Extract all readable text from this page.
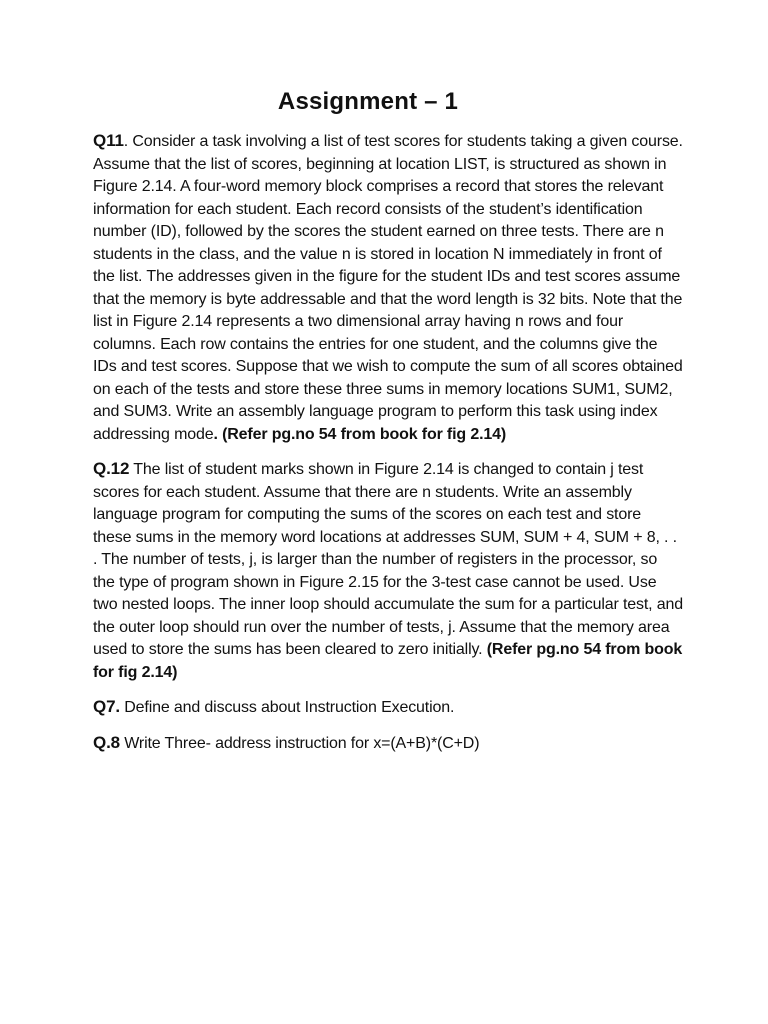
Assignment – 1

Q11. Consider a task involving a list of test scores for students taking a given course. Assume that the list of scores, beginning at location LIST, is structured as shown in Figure 2.14. A four-word memory block comprises a record that stores the relevant information for each student. Each record consists of the student’s identification number (ID), followed by the scores the student earned on three tests. There are n students in the class, and the value n is stored in location N immediately in front of the list. The addresses given in the figure for the student IDs and test scores assume that the memory is byte addressable and that the word length is 32 bits. Note that the list in Figure 2.14 represents a two dimensional array having n rows and four columns. Each row contains the entries for one student, and the columns give the IDs and test scores. Suppose that we wish to compute the sum of all scores obtained on each of the tests and store these three sums in memory locations SUM1, SUM2, and SUM3. Write an assembly language program to perform this task using index addressing mode. (Refer pg.no 54 from book for fig 2.14)

Q.12 The list of student marks shown in Figure 2.14 is changed to contain j test scores for each student. Assume that there are n students. Write an assembly language program for computing the sums of the scores on each test and store these sums in the memory word locations at addresses SUM, SUM + 4, SUM + 8, . . . The number of tests, j, is larger than the number of registers in the processor, so the type of program shown in Figure 2.15 for the 3-test case cannot be used. Use two nested loops. The inner loop should accumulate the sum for a particular test, and the outer loop should run over the number of tests, j. Assume that the memory area used to store the sums has been cleared to zero initially. (Refer pg.no 54 from book for fig 2.14)

Q7. Define and discuss about Instruction Execution.

Q.8 Write Three- address instruction for x=(A+B)*(C+D)
